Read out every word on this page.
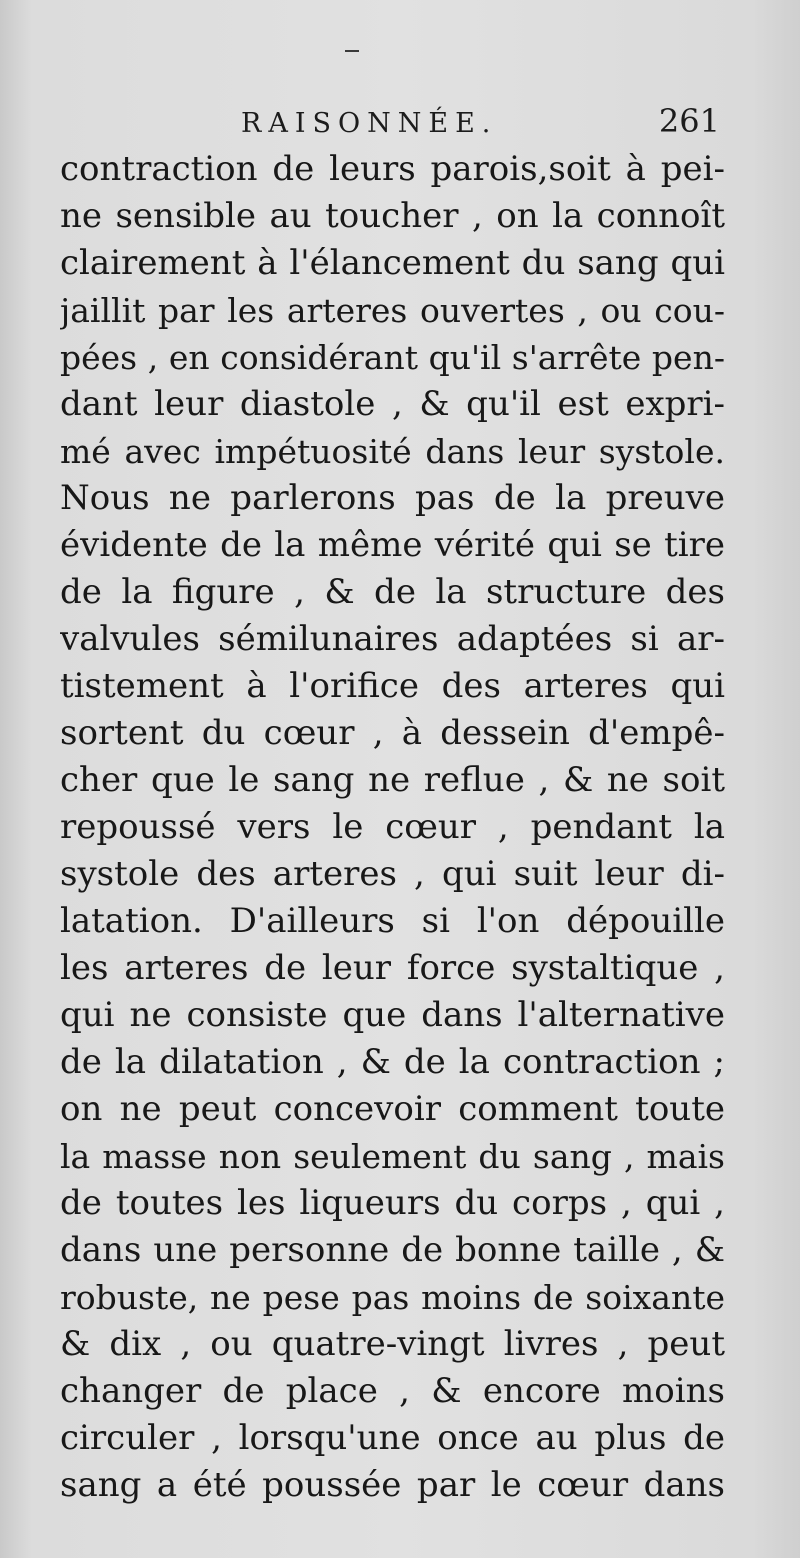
RAISONNÉE.	261
contraction de leurs parois,soit à pei-
ne sensible au toucher , on la connoît
clairement à l'élancement du sang qui
jaillit par les arteres ouvertes , ou cou-
pées , en considérant qu'il s'arrête pen-
dant leur diastole , & qu'il est expri-
mé avec impétuosité dans leur systole.
Nous ne parlerons pas de la preuve
évidente de la même vérité qui se tire
de la figure , & de la structure des
valvules sémilunaires adaptées si ar-
tistement à l'orifice des arteres qui
sortent du cœur , à dessein d'empê-
cher que le sang ne reflue , & ne soit
repoussé vers le cœur , pendant la
systole des arteres , qui suit leur di-
latation. D'ailleurs si l'on dépouille
les arteres de leur force systaltique ,
qui ne consiste que dans l'alternative
de la dilatation , & de la contraction ;
on ne peut concevoir comment toute
la masse non seulement du sang , mais
de toutes les liqueurs du corps , qui ,
dans une personne de bonne taille , &
robuste, ne pese pas moins de soixante
& dix , ou quatre-vingt livres , peut
changer de place , & encore moins
circuler , lorsqu'une once au plus de
sang a été poussée par le cœur dans
